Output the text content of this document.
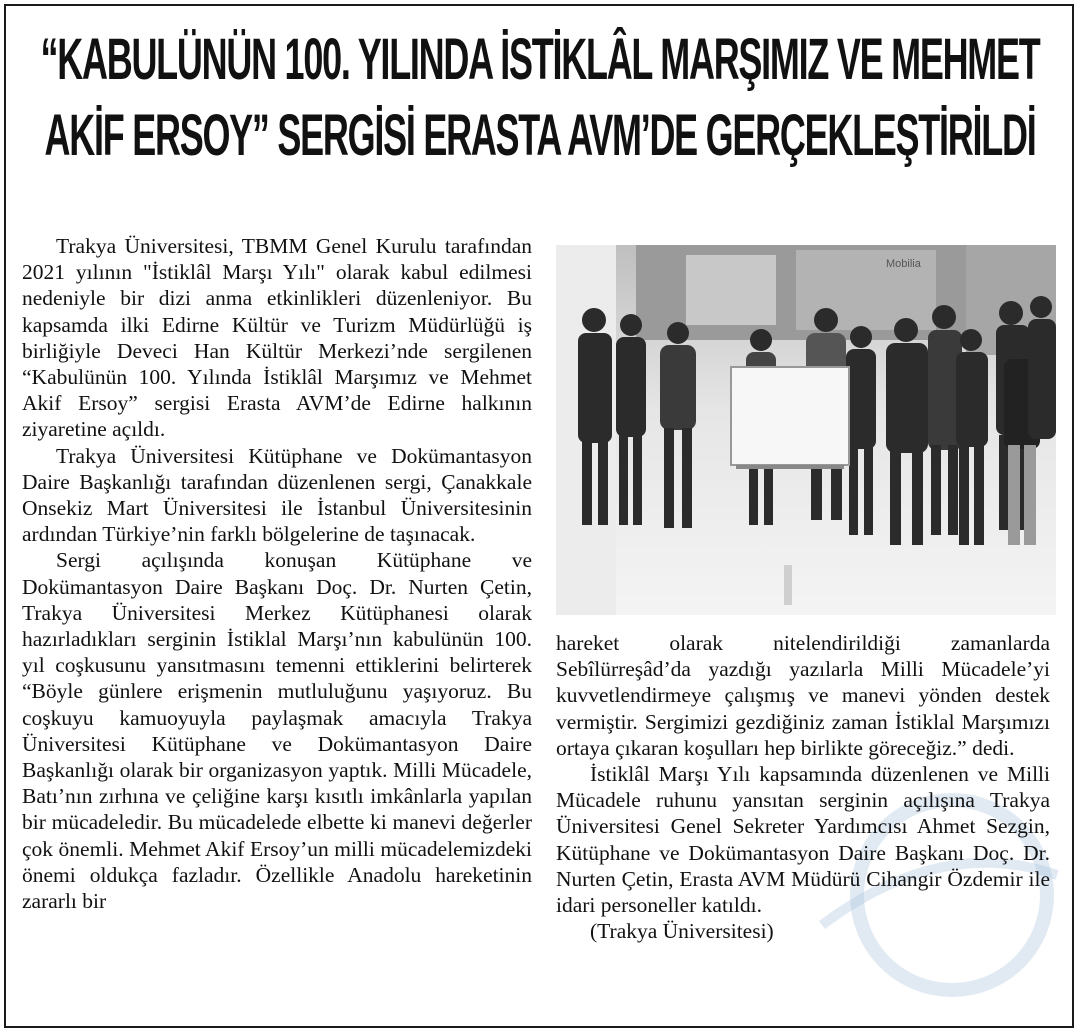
“KABULÜNÜN 100. YILINDA İSTİKLÂL MARŞIMIZ VE MEHMET AKİF ERSOY” SERGİSİ ERASTA AVM’DE GERÇEKLEŞTİRİLDİ

Trakya Üniversitesi, TBMM Genel Kurulu tarafından 2021 yılının "İstiklâl Marşı Yılı" olarak kabul edilmesi nedeniyle bir dizi anma etkinlikleri düzenleniyor. Bu kapsamda ilki Edirne Kültür ve Turizm Müdürlüğü iş birliğiyle Deveci Han Kültür Merkezi’nde sergilenen “Kabulünün 100. Yılında İstiklâl Marşımız ve Mehmet Akif Ersoy” sergisi Erasta AVM’de Edirne halkının ziyaretine açıldı.

Trakya Üniversitesi Kütüphane ve Dokümantasyon Daire Başkanlığı tarafından düzenlenen sergi, Çanakkale Onsekiz Mart Üniversitesi ile İstanbul Üniversitesinin ardından Türkiye’nin farklı bölgelerine de taşınacak.

Sergi açılışında konuşan Kütüphane ve Dokümantasyon Daire Başkanı Doç. Dr. Nurten Çetin, Trakya Üniversitesi Merkez Kütüphanesi olarak hazırladıkları serginin İstiklal Marşı’nın kabulünün 100. yıl coşkusunu yansıtmasını temenni ettiklerini belirterek “Böyle günlere erişmenin mutluluğunu yaşıyoruz. Bu coşkuyu kamuoyuyla paylaşmak amacıyla Trakya Üniversitesi Kütüphane ve Dokümantasyon Daire Başkanlığı olarak bir organizasyon yaptık. Milli Mücadele, Batı’nın zırhına ve çeliğine karşı kısıtlı imkânlarla yapılan bir mücadeledir. Bu mücadelede elbette ki manevi değerler çok önemli. Mehmet Akif Ersoy’un milli mücadelemizdeki önemi oldukça fazladır. Özellikle Anadolu hareketinin zararlı bir

Mobilia

hareket olarak nitelendirildiği zamanlarda Sebîlürreşâd’da yazdığı yazılarla Milli Mücadele’yi kuvvetlendirmeye çalışmış ve manevi yönden destek vermiştir. Sergimizi gezdiğiniz zaman İstiklal Marşımızı ortaya çıkaran koşulları hep birlikte göreceğiz.” dedi.

İstiklâl Marşı Yılı kapsamında düzenlenen ve Milli Mücadele ruhunu yansıtan serginin açılışına Trakya Üniversitesi Genel Sekreter Yardımcısı Ahmet Sezgin, Kütüphane ve Dokümantasyon Daire Başkanı Doç. Dr. Nurten Çetin, Erasta AVM Müdürü Cihangir Özdemir ile idari personeller katıldı.

(Trakya Üniversitesi)
